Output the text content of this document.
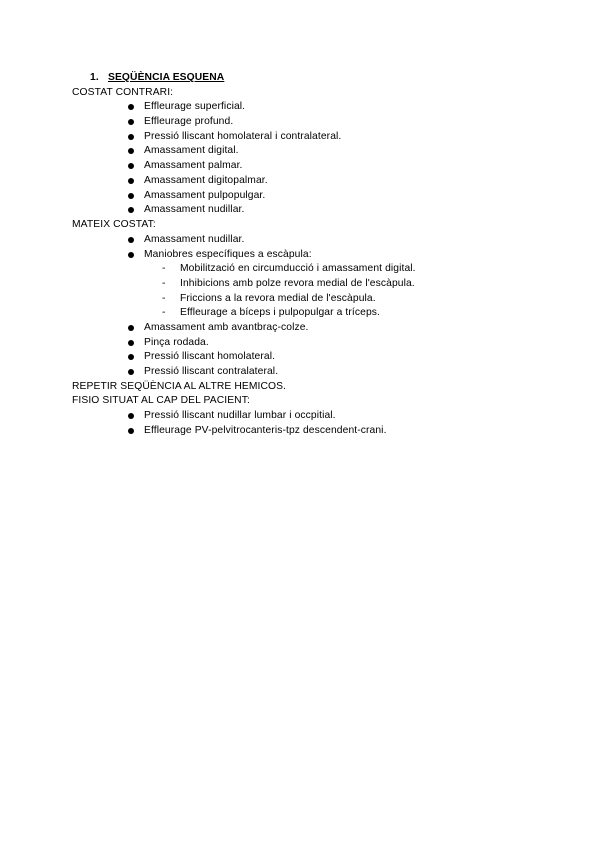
1. SEQÜÈNCIA ESQUENA
COSTAT CONTRARI:
Effleurage superficial.
Effleurage profund.
Pressió lliscant homolateral i contralateral.
Amassament digital.
Amassament palmar.
Amassament digitopalmar.
Amassament pulpopulgar.
Amassament nudillar.
MATEIX COSTAT:
Amassament nudillar.
Maniobres específiques a escàpula:
- Mobilització en circumducció i amassament digital.
- Inhibicions amb polze revora medial de l'escàpula.
- Friccions a la revora medial de l'escàpula.
- Effleurage a bíceps i pulpopulgar a tríceps.
Amassament amb avantbraç-colze.
Pinça rodada.
Pressió lliscant homolateral.
Pressió lliscant contralateral.
REPETIR SEQÜÈNCIA AL ALTRE HEMICOS.
FISIO SITUAT AL CAP DEL PACIENT:
Pressió lliscant nudillar lumbar i occpitial.
Effleurage PV-pelvitrocanteris-tpz descendent-crani.
